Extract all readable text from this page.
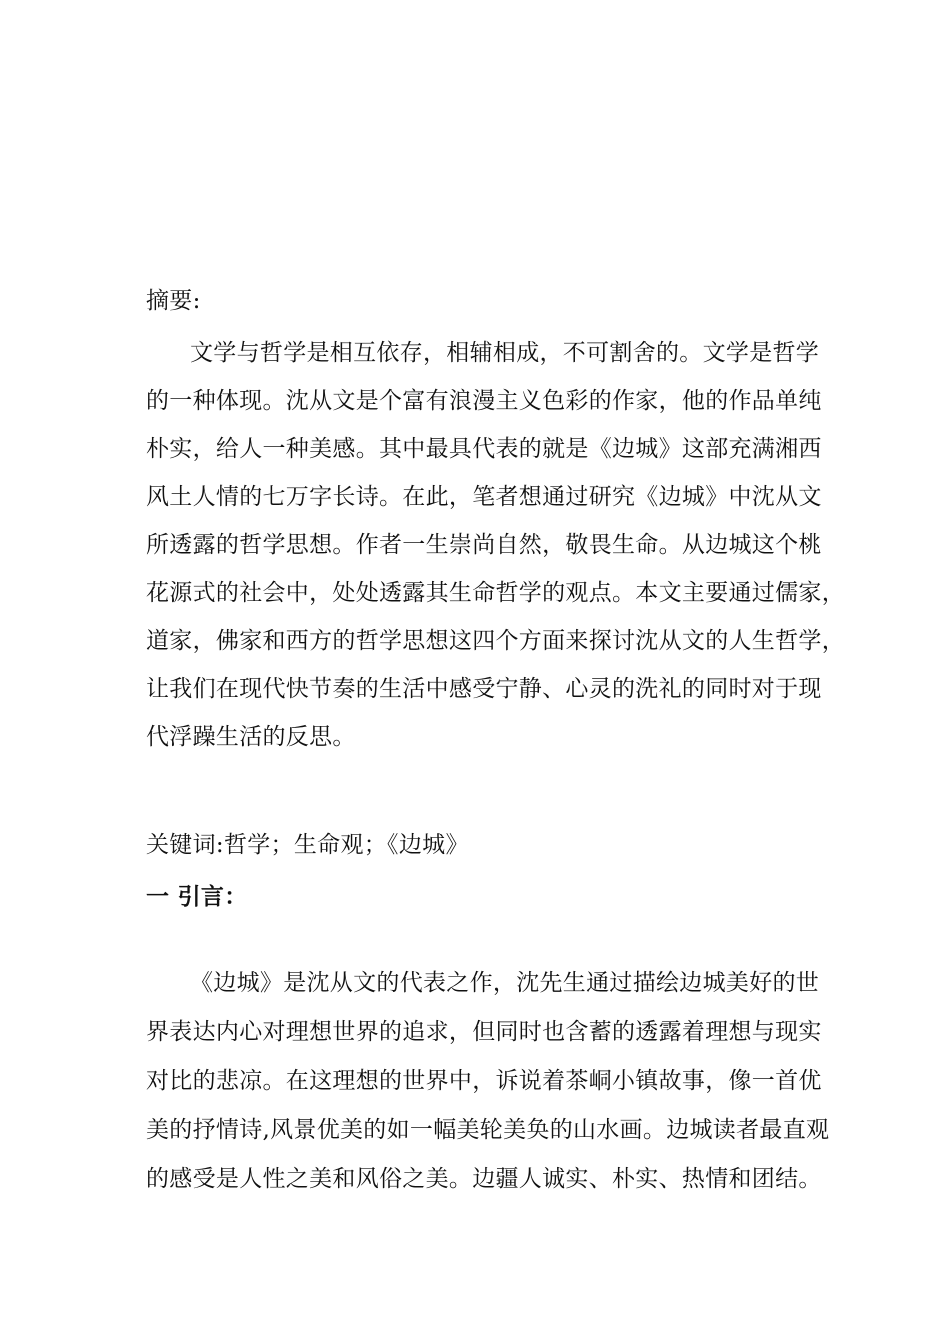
摘要:
文学与哲学是相互依存，相辅相成，不可割舍的。文学是哲学
的一种体现。沈从文是个富有浪漫主义色彩的作家，他的作品单纯
朴实，给人一种美感。其中最具代表的就是《边城》这部充满湘西
风土人情的七万字长诗。在此，笔者想通过研究《边城》中沈从文
所透露的哲学思想。作者一生崇尚自然，敬畏生命。从边城这个桃
花源式的社会中，处处透露其生命哲学的观点。本文主要通过儒家，
道家，佛家和西方的哲学思想这四个方面来探讨沈从文的人生哲学，
让我们在现代快节奏的生活中感受宁静、心灵的洗礼的同时对于现
代浮躁生活的反思。
关键词:哲学；生命观；《边城》
一 引言：
《边城》是沈从文的代表之作，沈先生通过描绘边城美好的世
界表达内心对理想世界的追求，但同时也含蓄的透露着理想与现实
对比的悲凉。在这理想的世界中，诉说着茶峒小镇故事，像一首优
美的抒情诗,风景优美的如一幅美轮美奂的山水画。边城读者最直观
的感受是人性之美和风俗之美。边疆人诚实、朴实、热情和团结。
